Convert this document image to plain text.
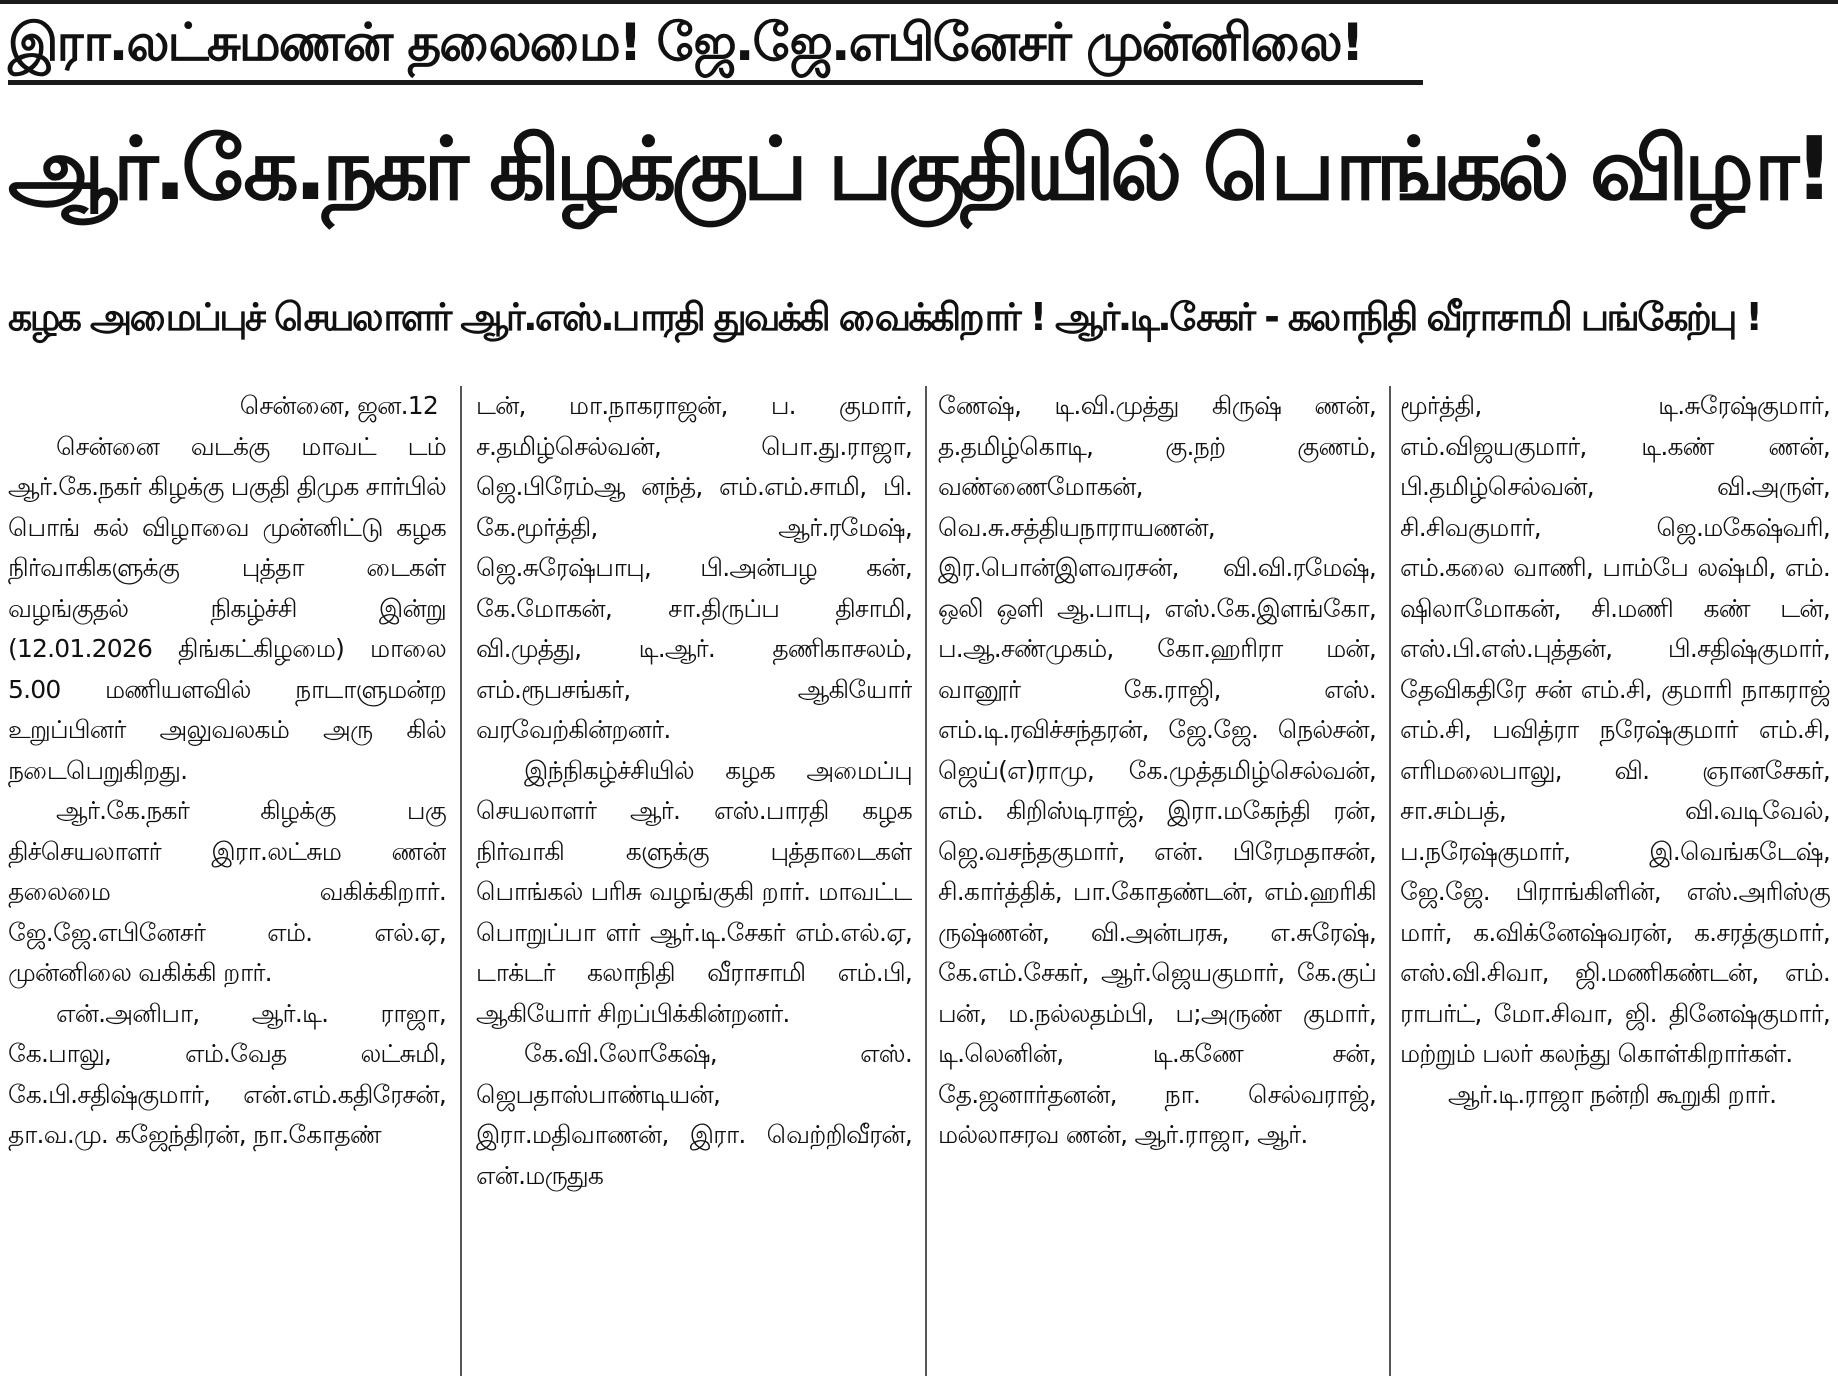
இரா.லட்சுமணன் தலைமை! ஜே.ஜே.எபினேசர் முன்னிலை!
ஆர்.கே.நகர் கிழக்குப் பகுதியில் பொங்கல் விழா!
கழக அமைப்புச் செயலாளர் ஆர்.எஸ்.பாரதி துவக்கி வைக்கிறார் ! ஆர்.டி.சேகர் - கலாநிதி வீராசாமி பங்கேற்பு !

சென்னை, ஜன.12

சென்னை வடக்கு மாவட் டம் ஆர்.கே.நகர் கிழக்கு பகுதி திமுக சார்பில் பொங் கல் விழாவை முன்னிட்டு கழக நிர்வாகிகளுக்கு புத்தா டைகள் வழங்குதல் நிகழ்ச்சி இன்று (12.01.2026 திங்கட்கிழமை) மாலை 5.00 மணியளவில் நாடாளுமன்ற உறுப்பினர் அலுவலகம் அரு கில் நடைபெறுகிறது.

ஆர்.கே.நகர் கிழக்கு பகு திச்செயலாளர் இரா.லட்சும ணன் தலைமை வகிக்கிறார். ஜே.ஜே.எபினேசர் எம். எல்.ஏ, முன்னிலை வகிக்கி றார்.

என்.அனிபா, ஆர்.டி. ராஜா, கே.பாலு, எம்.வேத லட்சுமி, கே.பி.சதிஷ்குமார், என்.எம்.கதிரேசன், தா.வ.மு. கஜேந்திரன், நா.கோதண்

டன், மா.நாகராஜன், ப. குமார், ச.தமிழ்செல்வன், பொ.து.ராஜா, ஜெ.பிரேம்ஆ னந்த், எம்.எம்.சாமி, பி. கே.மூர்த்தி, ஆர்.ரமேஷ், ஜெ.சுரேஷ்பாபு, பி.அன்பழ கன், கே.மோகன், சா.திருப்ப திசாமி, வி.முத்து, டி.ஆர். தணிகாசலம், எம்.ரூபசங்கர், ஆகியோர் வரவேற்கின்றனர்.

இந்நிகழ்ச்சியில் கழக அமைப்பு செயலாளர் ஆர். எஸ்.பாரதி கழக நிர்வாகி களுக்கு புத்தாடைகள் பொங்கல் பரிசு வழங்குகி றார். மாவட்ட பொறுப்பா ளர் ஆர்.டி.சேகர் எம்.எல்.ஏ, டாக்டர் கலாநிதி வீராசாமி எம்.பி, ஆகியோர் சிறப்பிக்கின்றனர்.

கே.வி.லோகேஷ், எஸ். ஜெபதாஸ்பாண்டியன், இரா.மதிவாணன், இரா. வெற்றிவீரன், என்.மருதுக

ணேஷ், டி.வி.முத்து கிருஷ் ணன், த.தமிழ்கொடி, கு.நற் குணம், வண்ணைமோகன், வெ.சு.சத்தியநாராயணன், இர.பொன்இளவரசன், வி.வி.ரமேஷ், ஒலி ஒளி ஆ.பாபு, எஸ்.கே.இளங்கோ, ப.ஆ.சண்முகம், கோ.ஹரிரா மன், வானூர் கே.ராஜி, எஸ். எம்.டி.ரவிச்சந்தரன், ஜே.ஜே. நெல்சன், ஜெய்(எ)ராமு, கே.முத்தமிழ்செல்வன், எம். கிறிஸ்டிராஜ், இரா.மகேந்தி ரன், ஜெ.வசந்தகுமார், என். பிரேமதாசன், சி.கார்த்திக், பா.கோதண்டன், எம்.ஹரிகி ருஷ்ணன், வி.அன்பரசு, எ.சுரேஷ், கே.எம்.சேகர், ஆர்.ஜெயகுமார், கே.குப் பன், ம.நல்லதம்பி, ப;அருண் குமார், டி.லெனின், டி.கணே சன், தே.ஜனார்தனன், நா. செல்வராஜ், மல்லாசரவ ணன், ஆர்.ராஜா, ஆர்.

மூர்த்தி, டி.சுரேஷ்குமார், எம்.விஜயகுமார், டி.கண் ணன், பி.தமிழ்செல்வன், வி.அருள், சி.சிவகுமார், ஜெ.மகேஷ்வரி, எம்.கலை வாணி, பாம்பே லஷ்மி, எம். ஷிலாமோகன், சி.மணி கண் டன், எஸ்.பி.எஸ்.புத்தன், பி.சதிஷ்குமார், தேவிகதிரே சன் எம்.சி, குமாரி நாகராஜ் எம்.சி, பவித்ரா நரேஷ்குமார் எம்.சி, எரிமலைபாலு, வி. ஞானசேகர், சா.சம்பத், வி.வடிவேல், ப.நரேஷ்குமார், இ.வெங்கடேஷ், ஜே.ஜே. பிராங்கிளின், எஸ்.அரிஸ்கு மார், க.விக்னேஷ்வரன், க.சரத்குமார், எஸ்.வி.சிவா, ஜி.மணிகண்டன், எம். ராபர்ட், மோ.சிவா, ஜி. தினேஷ்குமார், மற்றும் பலர் கலந்து கொள்கிறார்கள்.

ஆர்.டி.ராஜா நன்றி கூறுகி றார்.
